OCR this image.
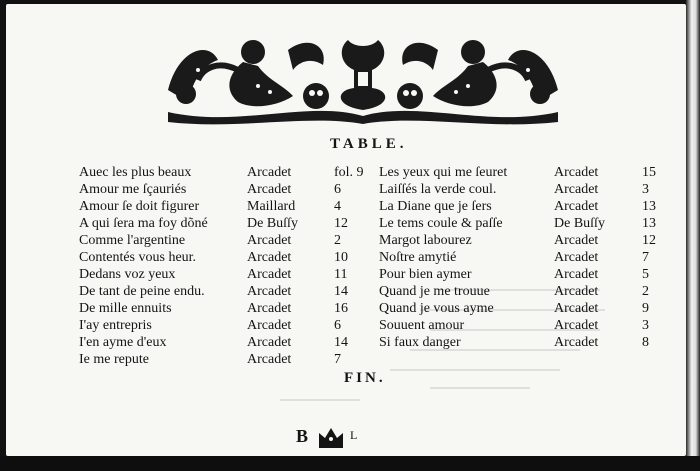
TABLE.
Auec les plus beaux	Arcadet	fol. 9
Amour me ſçauriés	Arcadet	6
Amour ſe doit figurer	Maillard	4
A qui ſera ma foy dõné	De Buſſy	12
Comme l'argentine	Arcadet	2
Contentés vous heur.	Arcadet	10
Dedans voz yeux	Arcadet	11
De tant de peine endu.	Arcadet	14
De mille ennuits	Arcadet	16
I'ay entrepris	Arcadet	6
I'en ayme d'eux	Arcadet	14
Ie me repute	Arcadet	7
Les yeux qui me ſeuret	Arcadet	15
Laiſſés la verde coul.	Arcadet	3
La Diane que je ſers	Arcadet	13
Le tems coule & paſſe	De Buſſy	13
Margot labourez	Arcadet	12
Noſtre amytié	Arcadet	7
Pour bien aymer	Arcadet	5
Quand je me trouue	Arcadet	2
Quand je vous ayme	Arcadet	9
Souuent amour	Arcadet	3
Si faux danger	Arcadet	8
FIN.
B	L
